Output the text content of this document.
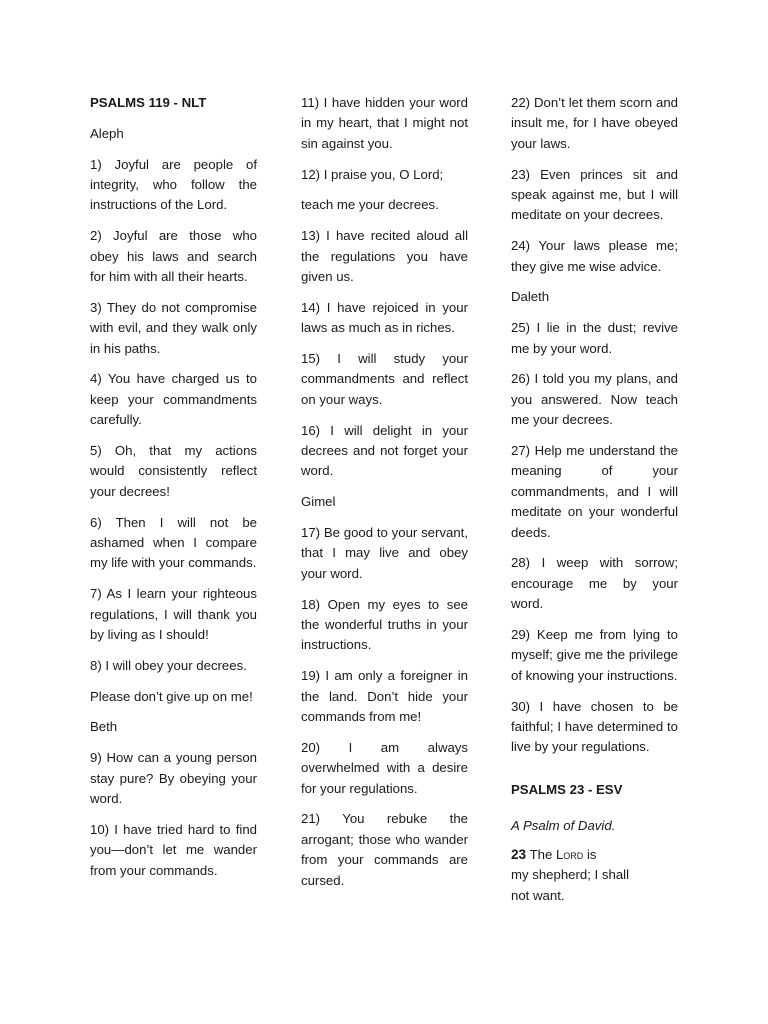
PSALMS 119 - NLT

Aleph

1) Joyful are people of integrity, who follow the instructions of the Lord.

2) Joyful are those who obey his laws and search for him with all their hearts.

3) They do not compromise with evil, and they walk only in his paths.

4) You have charged us to keep your commandments carefully.

5) Oh, that my actions would consistently reflect your decrees!

6) Then I will not be ashamed when I compare my life with your commands.

7) As I learn your righteous regulations, I will thank you by living as I should!

8) I will obey your decrees.

Please don’t give up on me!

Beth

9) How can a young person stay pure? By obeying your word.

10) I have tried hard to find you—don’t let me wander from your commands.

11) I have hidden your word in my heart, that I might not sin against you.

12) I praise you, O Lord;

teach me your decrees.

13) I have recited aloud all the regulations you have given us.

14) I have rejoiced in your laws as much as in riches.

15) I will study your commandments and reflect on your ways.

16) I will delight in your decrees and not forget your word.

Gimel

17) Be good to your servant, that I may live and obey your word.

18) Open my eyes to see the wonderful truths in your instructions.

19) I am only a foreigner in the land. Don’t hide your commands from me!

20) I am always overwhelmed with a desire for your regulations.

21) You rebuke the arrogant; those who wander from your commands are cursed.

22) Don’t let them scorn and insult me, for I have obeyed your laws.

23) Even princes sit and speak against me, but I will meditate on your decrees.

24) Your laws please me; they give me wise advice.

Daleth

25) I lie in the dust; revive me by your word.

26) I told you my plans, and you answered. Now teach me your decrees.

27) Help me understand the meaning of your commandments, and I will meditate on your wonderful deeds.

28) I weep with sorrow; encourage me by your word.

29) Keep me from lying to myself; give me the privilege of knowing your instructions.

30) I have chosen to be faithful; I have determined to live by your regulations.

PSALMS 23 - ESV

A Psalm of David.

23 The Lord is
my shepherd; I shall
not want.
